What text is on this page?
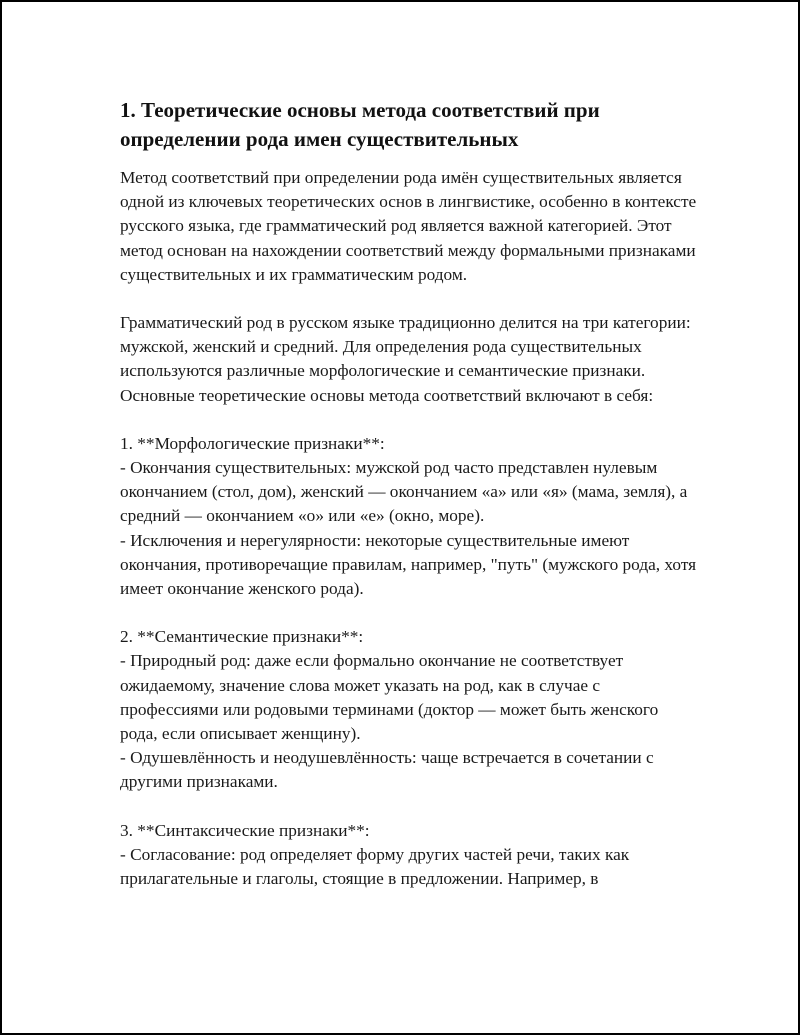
1. Теоретические основы метода соответствий при определении рода имен существительных

Метод соответствий при определении рода имён существительных является одной из ключевых теоретических основ в лингвистике, особенно в контексте русского языка, где грамматический род является важной категорией. Этот метод основан на нахождении соответствий между формальными признаками существительных и их грамматическим родом.

Грамматический род в русском языке традиционно делится на три категории: мужской, женский и средний. Для определения рода существительных используются различные морфологические и семантические признаки. Основные теоретические основы метода соответствий включают в себя:

1. **Морфологические признаки**:
- Окончания существительных: мужской род часто представлен нулевым окончанием (стол, дом), женский — окончанием «а» или «я» (мама, земля), а средний — окончанием «о» или «е» (окно, море).
- Исключения и нерегулярности: некоторые существительные имеют окончания, противоречащие правилам, например, "путь" (мужского рода, хотя имеет окончание женского рода).

2. **Семантические признаки**:
- Природный род: даже если формально окончание не соответствует ожидаемому, значение слова может указать на род, как в случае с профессиями или родовыми терминами (доктор — может быть женского рода, если описывает женщину).
- Одушевлённость и неодушевлённость: чаще встречается в сочетании с другими признаками.

3. **Синтаксические признаки**:
- Согласование: род определяет форму других частей речи, таких как прилагательные и глаголы, стоящие в предложении. Например, в
